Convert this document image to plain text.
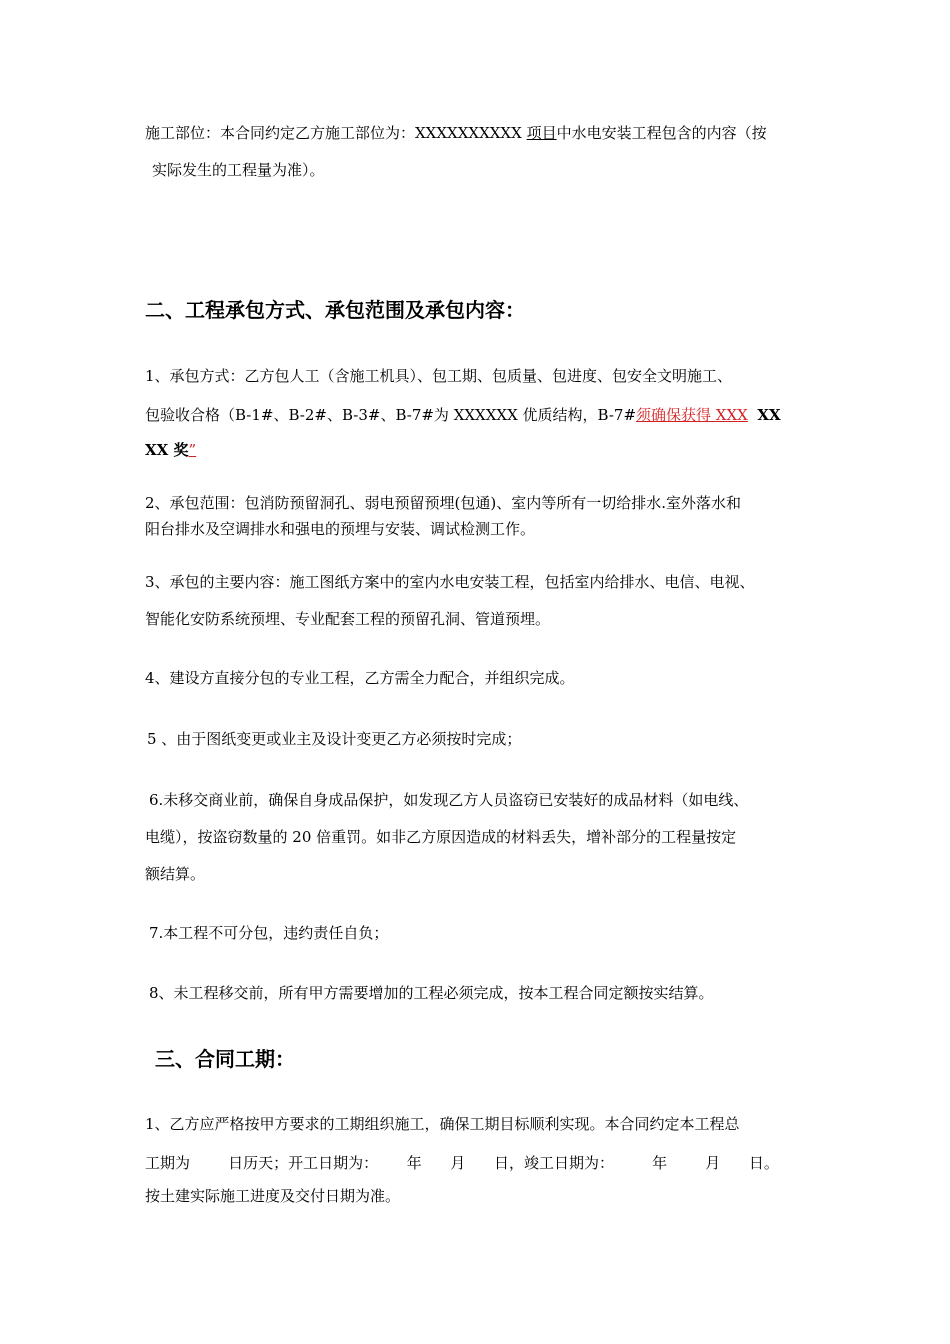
施工部位：本合同约定乙方施工部位为：XXXXXXXXXX 项目中水电安装工程包含的内容（按
实际发生的工程量为准）。
二、工程承包方式、承包范围及承包内容：
1、承包方式：乙方包人工（含施工机具）、包工期、包质量、包进度、包安全文明施工、
包验收合格（B-1#、B-2#、B-3#、B-7#为 XXXXXX 优质结构，B-7#须确保获得 XXX XX
XX 奖”
2、承包范围：包消防预留洞孔、弱电预留预埋(包通)、室内等所有一切给排水.室外落水和
阳台排水及空调排水和强电的预埋与安装、调试检测工作。
3、承包的主要内容：施工图纸方案中的室内水电安装工程，包括室内给排水、电信、电视、
智能化安防系统预埋、专业配套工程的预留孔洞、管道预埋。
4、建设方直接分包的专业工程，乙方需全力配合，并组织完成。
5 、由于图纸变更或业主及设计变更乙方必须按时完成；
6.未移交商业前，确保自身成品保护，如发现乙方人员盗窃已安装好的成品材料（如电线、
电缆），按盗窃数量的 20 倍重罚。如非乙方原因造成的材料丢失，增补部分的工程量按定
额结算。
7.本工程不可分包，违约责任自负；
8、未工程移交前，所有甲方需要增加的工程必须完成，按本工程合同定额按实结算。
三、合同工期：
1、乙方应严格按甲方要求的工期组织施工，确保工期目标顺利实现。本合同约定本工程总
工期为        日历天；开工日期为：      年      月      日，竣工日期为：        年        月      日。
按土建实际施工进度及交付日期为准。
